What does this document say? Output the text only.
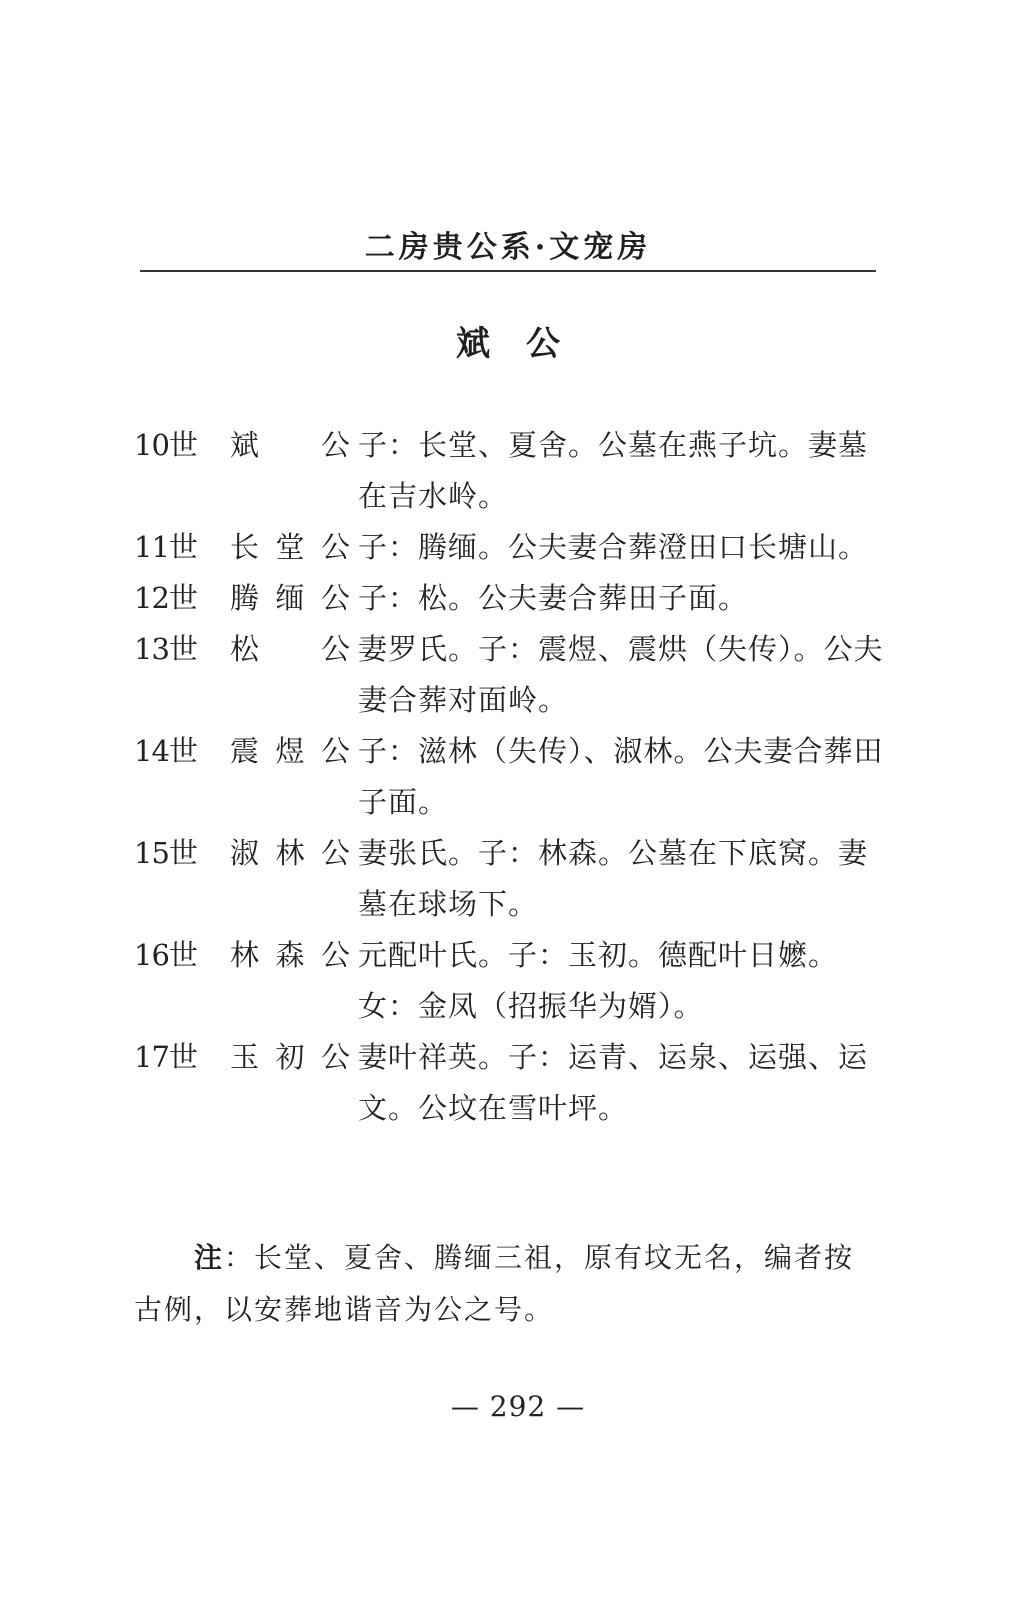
二房贵公系·文宠房
斌 公
10世	斌　公 子：长堂、夏舍。公墓在燕子坑。妻墓在吉水岭。
11世	长堂公 子：腾缅。公夫妻合葬澄田口长塘山。
12世	腾缅公 子：松。公夫妻合葬田子面。
13世	松　公 妻罗氏。子：震煜、震烘（失传）。公夫妻合葬对面岭。
14世	震煜公 子：滋林（失传）、淑林。公夫妻合葬田子面。
15世	淑林公 妻张氏。子：林森。公墓在下底窝。妻墓在球场下。
16世	林森公 元配叶氏。子：玉初。德配叶日嬷。女：金凤（招振华为婿）。
17世	玉初公 妻叶祥英。子：运青、运泉、运强、运文。公坟在雪叶坪。
注：长堂、夏舍、腾缅三祖，原有坟无名，编者按古例，以安葬地谐音为公之号。
— 292 —
